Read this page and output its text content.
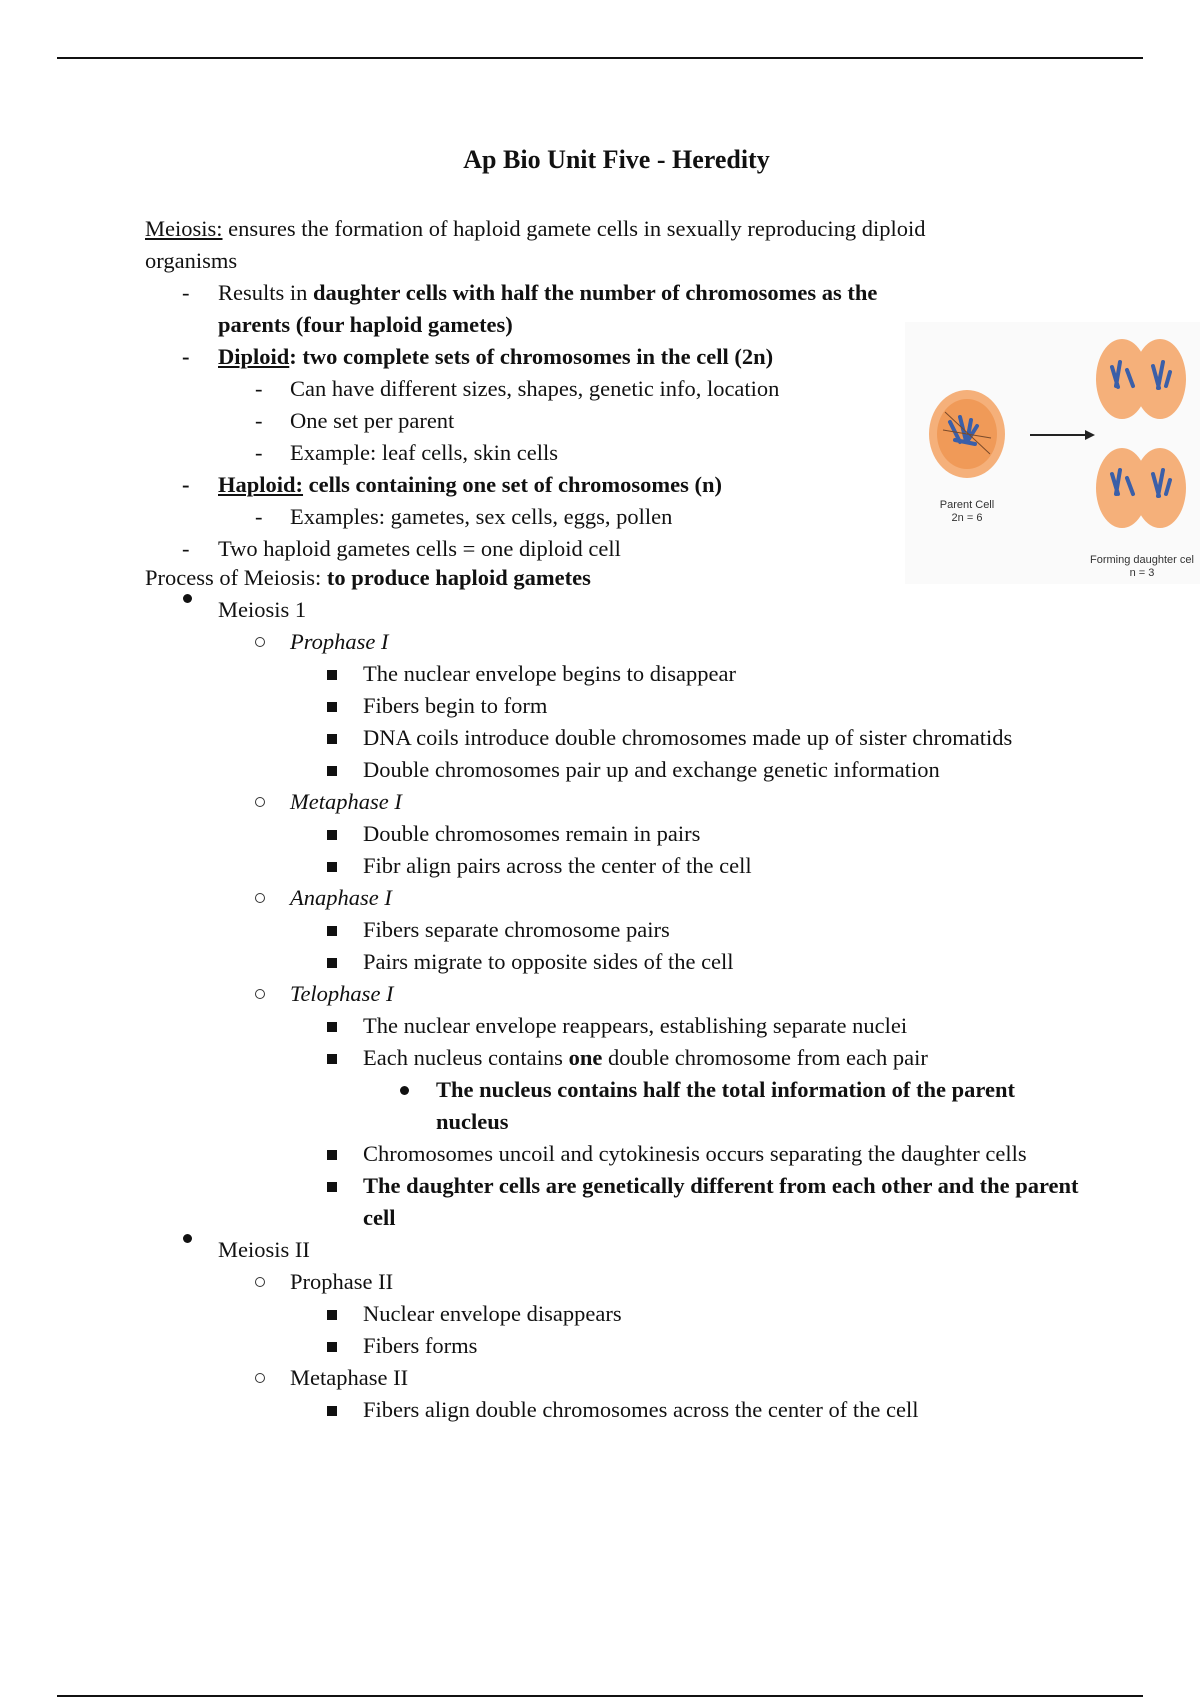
Ap Bio Unit Five - Heredity
Meiosis: ensures the formation of haploid gamete cells in sexually reproducing diploid organisms
- Results in daughter cells with half the number of chromosomes as the parents (four haploid gametes)
- Diploid: two complete sets of chromosomes in the cell (2n)
- Can have different sizes, shapes, genetic info, location
- One set per parent
- Example: leaf cells, skin cells
- Haploid: cells containing one set of chromosomes (n)
- Examples: gametes, sex cells, eggs, pollen
- Two haploid gametes cells = one diploid cell
Process of Meiosis: to produce haploid gametes
Meiosis 1
Prophase I
The nuclear envelope begins to disappear
Fibers begin to form
DNA coils introduce double chromosomes made up of sister chromatids
Double chromosomes pair up and exchange genetic information
Metaphase I
Double chromosomes remain in pairs
Fibr align pairs across the center of the cell
Anaphase I
Fibers separate chromosome pairs
Pairs migrate to opposite sides of the cell
Telophase I
The nuclear envelope reappears, establishing separate nuclei
Each nucleus contains one double chromosome from each pair
The nucleus contains half the total information of the parent nucleus
Chromosomes uncoil and cytokinesis occurs separating the daughter cells
The daughter cells are genetically different from each other and the parent cell
Meiosis II
Prophase II
Nuclear envelope disappears
Fibers forms
Metaphase II
Fibers align double chromosomes across the center of the cell
Parent Cell
2n = 6
Forming daughter cel
n = 3
